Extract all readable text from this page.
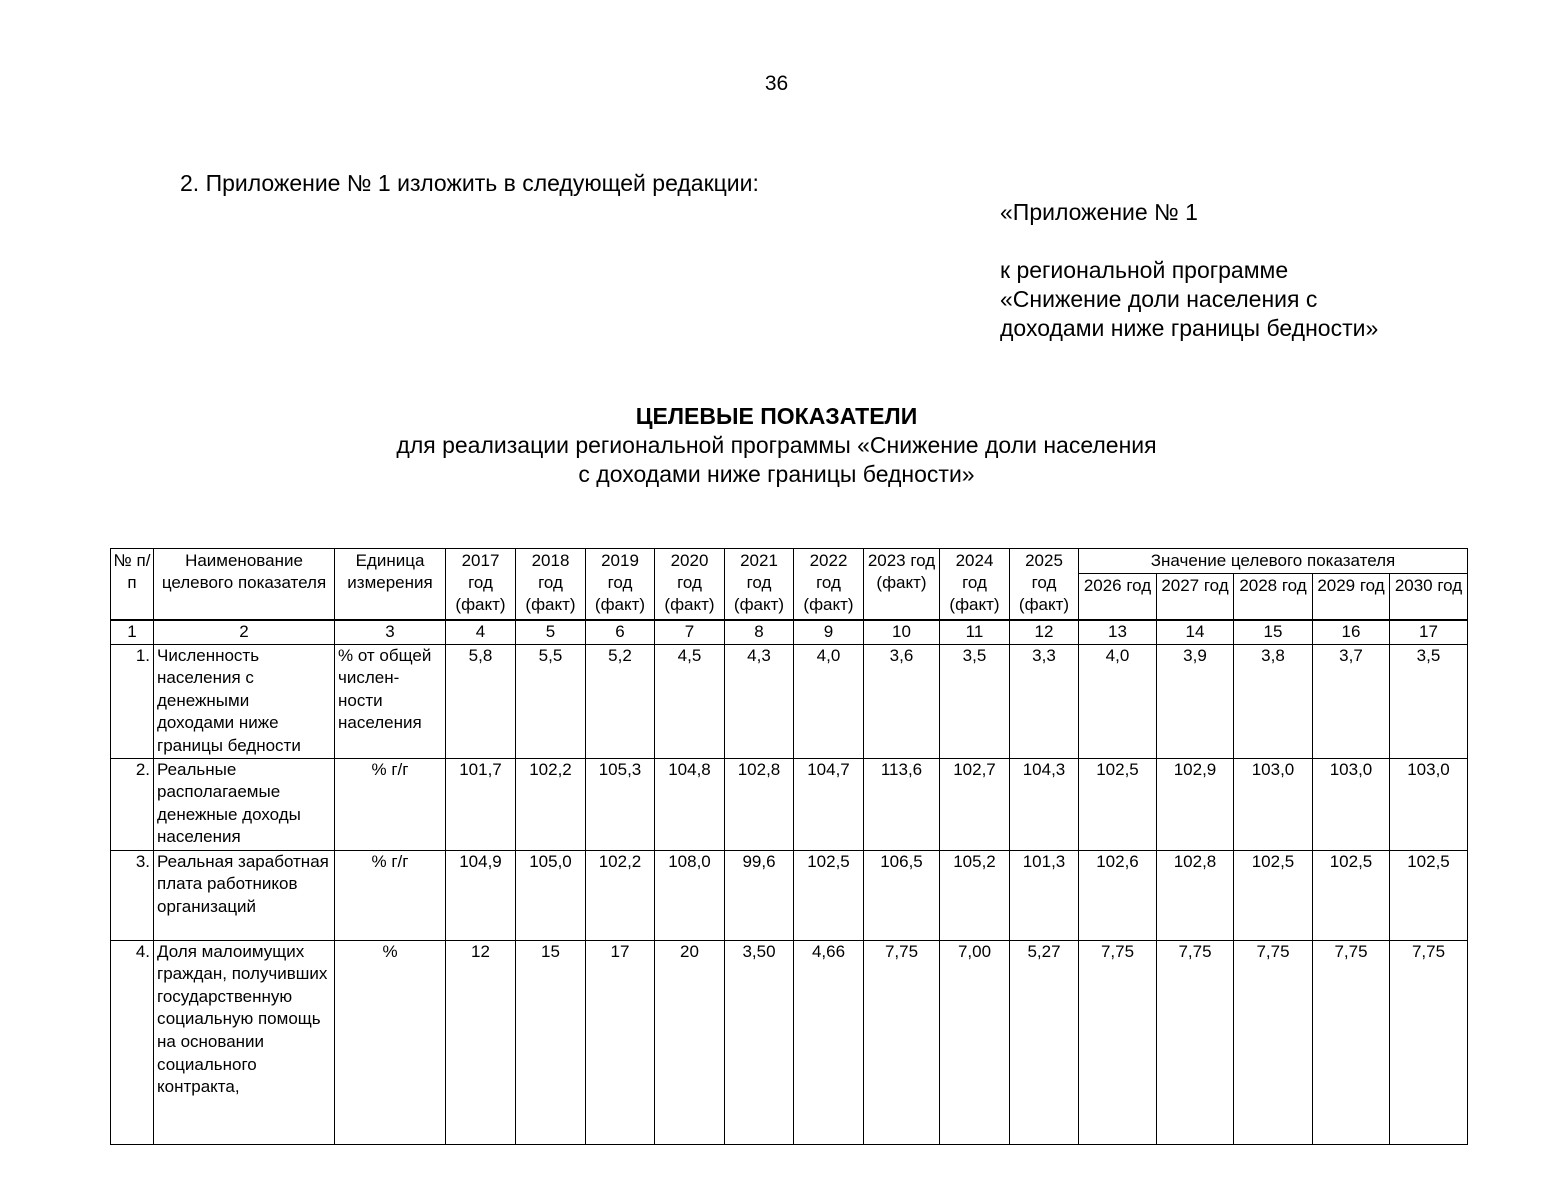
36
2. Приложение № 1 изложить в следующей редакции:
«Приложение № 1
к региональной программе
«Снижение доли населения с
доходами ниже границы бедности»
ЦЕЛЕВЫЕ ПОКАЗАТЕЛИ
для реализации региональной программы «Снижение доли населения
с доходами ниже границы бедности»
№ п/п	Наименование целевого показателя	Единица измерения	2017 год (факт)	2018 год (факт)	2019 год (факт)	2020 год (факт)	2021 год (факт)	2022 год (факт)	2023 год (факт)	2024 год (факт)	2025 год (факт)	Значение целевого показателя				
												2026 год	2027 год	2028 год	2029 год	2030 год
1	2	3	4	5	6	7	8	9	10	11	12	13	14	15	16	17
1.	Численность населения с денежными доходами ниже границы бедности	% от общей числен-ности населения	5,8	5,5	5,2	4,5	4,3	4,0	3,6	3,5	3,3	4,0	3,9	3,8	3,7	3,5
2.	Реальные располагаемые денежные доходы населения	% г/г	101,7	102,2	105,3	104,8	102,8	104,7	113,6	102,7	104,3	102,5	102,9	103,0	103,0	103,0
3.	Реальная заработная плата работников организаций	% г/г	104,9	105,0	102,2	108,0	99,6	102,5	106,5	105,2	101,3	102,6	102,8	102,5	102,5	102,5
4.	Доля малоимущих граждан, получивших государственную социальную помощь на основании социального контракта,	%	12	15	17	20	3,50	4,66	7,75	7,00	5,27	7,75	7,75	7,75	7,75	7,75
